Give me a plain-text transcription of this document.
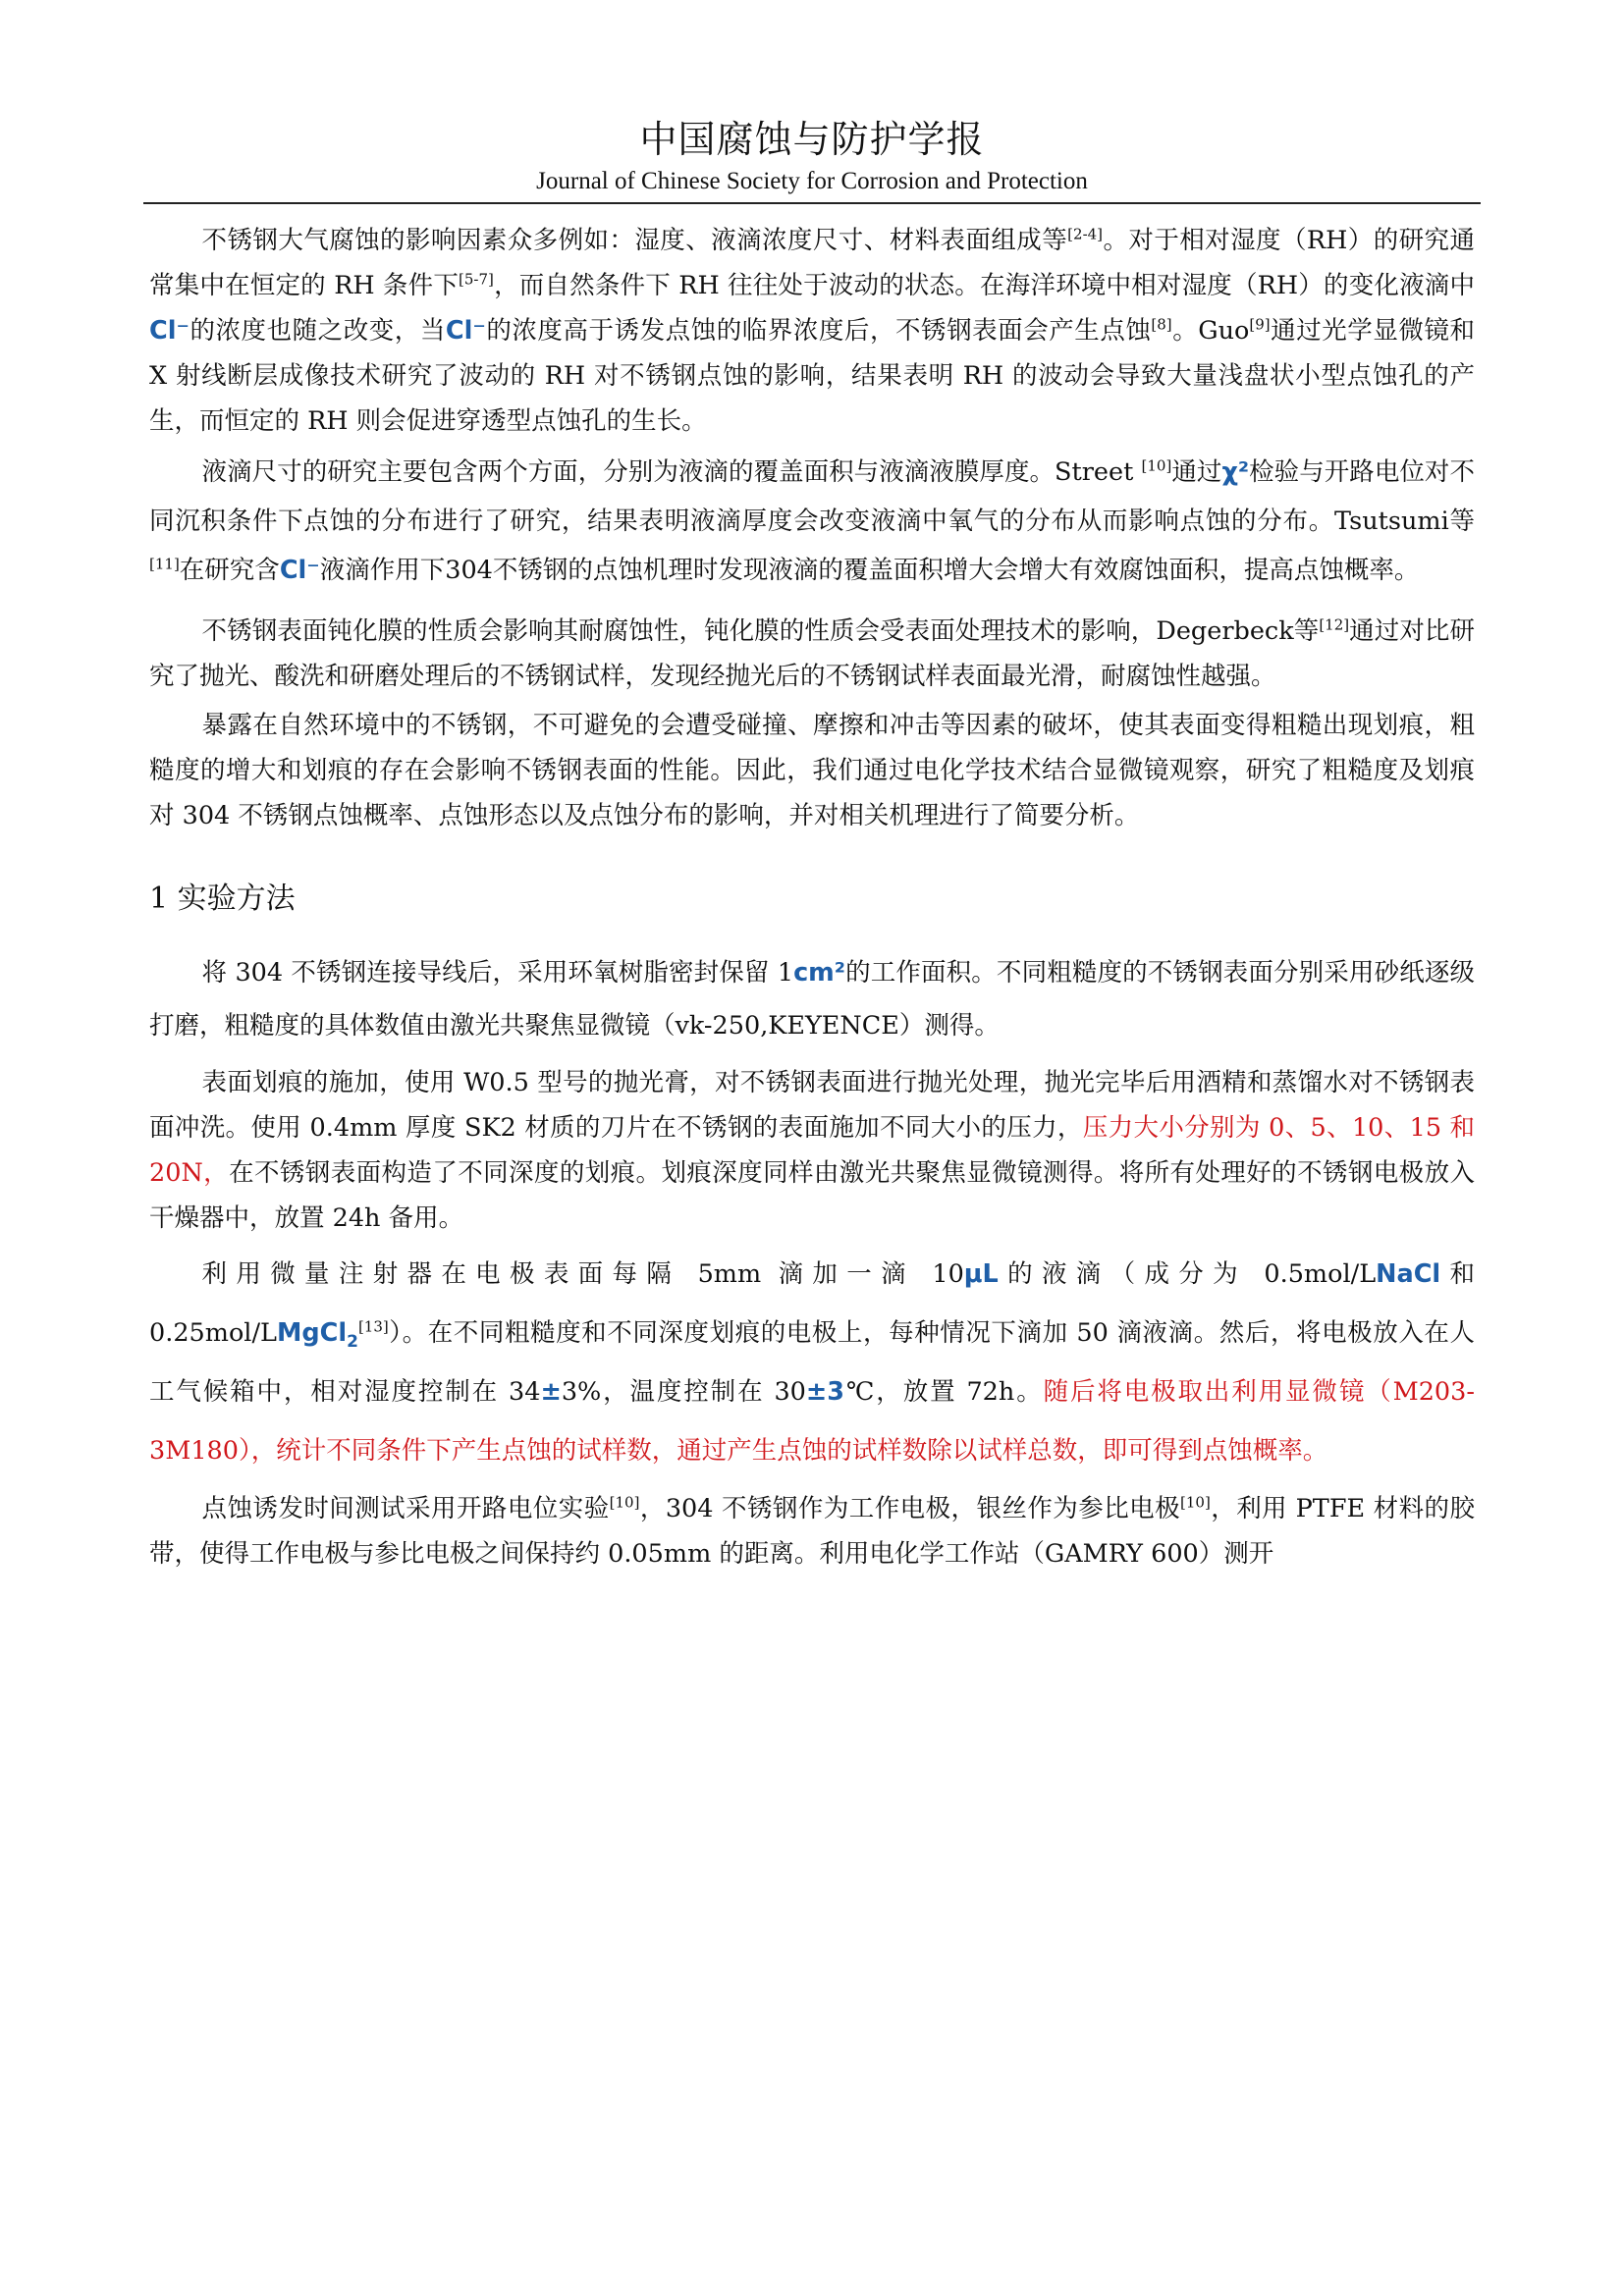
中国腐蚀与防护学报
Journal of Chinese Society for Corrosion and Protection

不锈钢大气腐蚀的影响因素众多例如：湿度、液滴浓度尺寸、材料表面组成等[2-4]。对于相对湿度（RH）的研究通常集中在恒定的 RH 条件下[5-7]，而自然条件下 RH 往往处于波动的状态。在海洋环境中相对湿度（RH）的变化液滴中Cl⁻的浓度也随之改变，当Cl⁻的浓度高于诱发点蚀的临界浓度后，不锈钢表面会产生点蚀[8]。Guo[9]通过光学显微镜和 X 射线断层成像技术研究了波动的 RH 对不锈钢点蚀的影响，结果表明 RH 的波动会导致大量浅盘状小型点蚀孔的产生，而恒定的 RH 则会促进穿透型点蚀孔的生长。

液滴尺寸的研究主要包含两个方面，分别为液滴的覆盖面积与液滴液膜厚度。Street [10]通过χ²检验与开路电位对不同沉积条件下点蚀的分布进行了研究，结果表明液滴厚度会改变液滴中氧气的分布从而影响点蚀的分布。Tsutsumi等 [11]在研究含Cl⁻液滴作用下304不锈钢的点蚀机理时发现液滴的覆盖面积增大会增大有效腐蚀面积，提高点蚀概率。

不锈钢表面钝化膜的性质会影响其耐腐蚀性，钝化膜的性质会受表面处理技术的影响，Degerbeck等[12]通过对比研究了抛光、酸洗和研磨处理后的不锈钢试样，发现经抛光后的不锈钢试样表面最光滑，耐腐蚀性越强。

暴露在自然环境中的不锈钢，不可避免的会遭受碰撞、摩擦和冲击等因素的破坏，使其表面变得粗糙出现划痕，粗糙度的增大和划痕的存在会影响不锈钢表面的性能。因此，我们通过电化学技术结合显微镜观察，研究了粗糙度及划痕对 304 不锈钢点蚀概率、点蚀形态以及点蚀分布的影响，并对相关机理进行了简要分析。

1 实验方法

将 304 不锈钢连接导线后，采用环氧树脂密封保留 1cm²的工作面积。不同粗糙度的不锈钢表面分别采用砂纸逐级打磨，粗糙度的具体数值由激光共聚焦显微镜（vk-250,KEYENCE）测得。

表面划痕的施加，使用 W0.5 型号的抛光膏，对不锈钢表面进行抛光处理，抛光完毕后用酒精和蒸馏水对不锈钢表面冲洗。使用 0.4mm 厚度 SK2 材质的刀片在不锈钢的表面施加不同大小的压力，压力大小分别为 0、5、10、15 和 20N，在不锈钢表面构造了不同深度的划痕。划痕深度同样由激光共聚焦显微镜测得。将所有处理好的不锈钢电极放入干燥器中，放置 24h 备用。

利用微量注射器在电极表面每隔 5mm 滴加一滴 10μL的液滴（成分为 0.5mol/LNaCl和 0.25mol/LMgCl$_2$[13]）。在不同粗糙度和不同深度划痕的电极上，每种情况下滴加 50 滴液滴。然后，将电极放入在人工气候箱中，相对湿度控制在 34±3%，温度控制在 30±3℃，放置 72h。随后将电极取出利用显微镜（M203-3M180），统计不同条件下产生点蚀的试样数，通过产生点蚀的试样数除以试样总数，即可得到点蚀概率。

点蚀诱发时间测试采用开路电位实验[10]，304 不锈钢作为工作电极，银丝作为参比电极[10]，利用 PTFE 材料的胶带，使得工作电极与参比电极之间保持约 0.05mm 的距离。利用电化学工作站（GAMRY 600）测开
